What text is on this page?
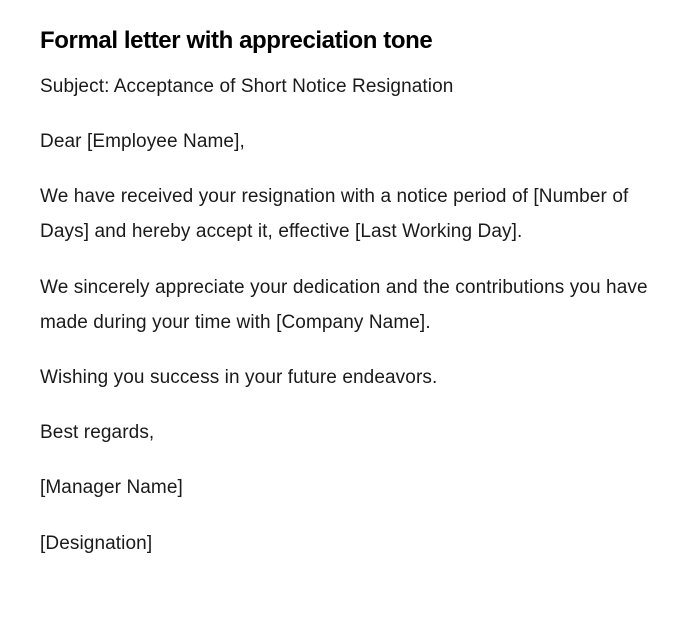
Formal letter with appreciation tone

Subject: Acceptance of Short Notice Resignation

Dear [Employee Name],

We have received your resignation with a notice period of [Number of Days] and hereby accept it, effective [Last Working Day].

We sincerely appreciate your dedication and the contributions you have made during your time with [Company Name].

Wishing you success in your future endeavors.

Best regards,

[Manager Name]

[Designation]
